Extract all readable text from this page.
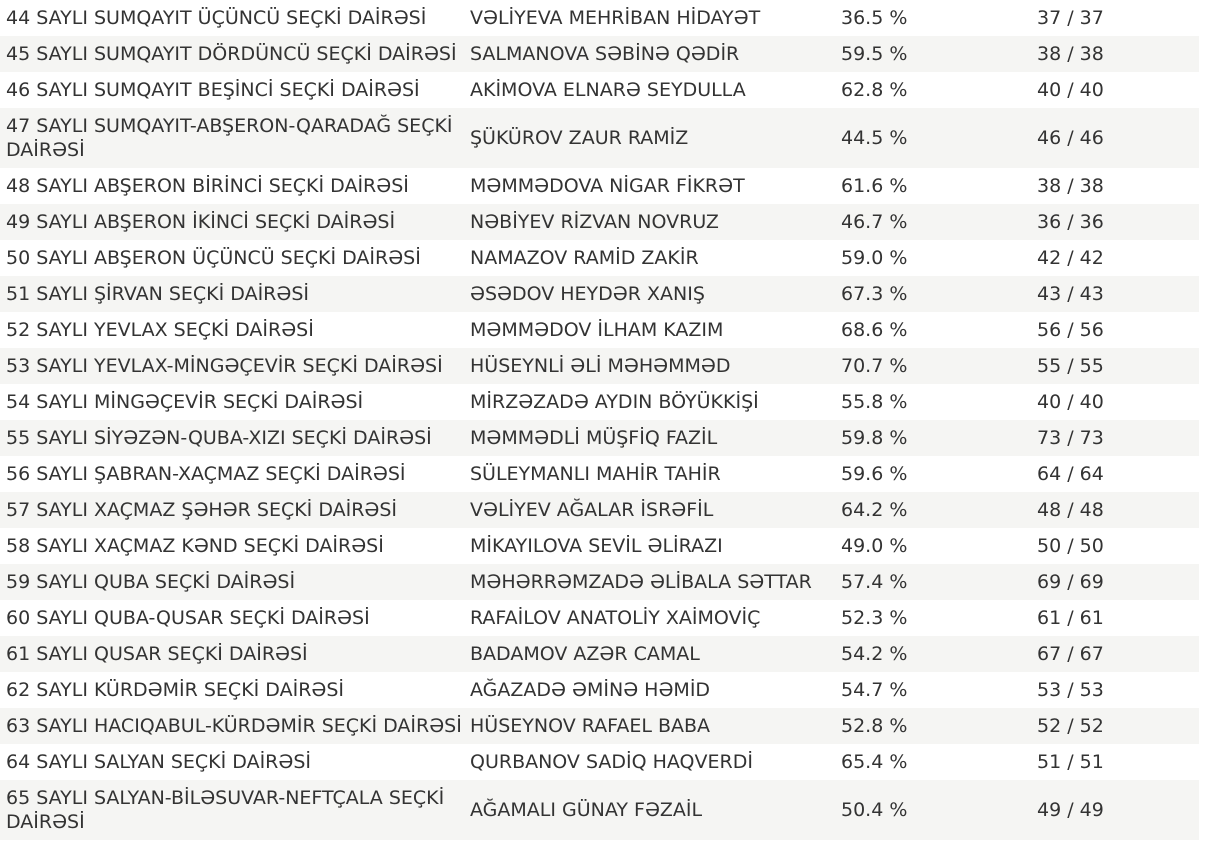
44 SAYLI SUMQAYIT ÜÇÜNCÜ SEÇKİ DAİRƏSİ	VƏLİYEVA MEHRİBAN HİDAYƏT	36.5 %	37 / 37
45 SAYLI SUMQAYIT DÖRDÜNCÜ SEÇKİ DAİRƏSİ	SALMANOVA SƏBİNƏ QƏDİR	59.5 %	38 / 38
46 SAYLI SUMQAYIT BEŞİNCİ SEÇKİ DAİRƏSİ	AKİMOVA ELNARƏ SEYDULLA	62.8 %	40 / 40
47 SAYLI SUMQAYIT-ABŞERON-QARADAĞ SEÇKİ DAİRƏSİ	ŞÜKÜROV ZAUR RAMİZ	44.5 %	46 / 46
48 SAYLI ABŞERON BİRİNCİ SEÇKİ DAİRƏSİ	MƏMMƏDOVA NİGAR FİKRƏT	61.6 %	38 / 38
49 SAYLI ABŞERON İKİNCİ SEÇKİ DAİRƏSİ	NƏBİYEV RİZVAN NOVRUZ	46.7 %	36 / 36
50 SAYLI ABŞERON ÜÇÜNCÜ SEÇKİ DAİRƏSİ	NAMAZOV RAMİD ZAKİR	59.0 %	42 / 42
51 SAYLI ŞİRVAN SEÇKİ DAİRƏSİ	ƏSƏDOV HEYDƏR XANIŞ	67.3 %	43 / 43
52 SAYLI YEVLAX SEÇKİ DAİRƏSİ	MƏMMƏDOV İLHAM KAZIM	68.6 %	56 / 56
53 SAYLI YEVLAX-MİNGƏÇEVİR SEÇKİ DAİRƏSİ	HÜSEYNLİ ƏLİ MƏHƏMMƏD	70.7 %	55 / 55
54 SAYLI MİNGƏÇEVİR SEÇKİ DAİRƏSİ	MİRZƏZADƏ AYDIN BÖYÜKKİŞİ	55.8 %	40 / 40
55 SAYLI SİYƏZƏN-QUBA-XIZI SEÇKİ DAİRƏSİ	MƏMMƏDLİ MÜŞFİQ FAZİL	59.8 %	73 / 73
56 SAYLI ŞABRAN-XAÇMAZ SEÇKİ DAİRƏSİ	SÜLEYMANLI MAHİR TAHİR	59.6 %	64 / 64
57 SAYLI XAÇMAZ ŞƏHƏR SEÇKİ DAİRƏSİ	VƏLİYEV AĞALAR İSRƏFİL	64.2 %	48 / 48
58 SAYLI XAÇMAZ KƏND SEÇKİ DAİRƏSİ	MİKAYILOVA SEVİL ƏLİRAZI	49.0 %	50 / 50
59 SAYLI QUBA SEÇKİ DAİRƏSİ	MƏHƏRRƏMZADƏ ƏLİBALA SƏTTAR	57.4 %	69 / 69
60 SAYLI QUBA-QUSAR SEÇKİ DAİRƏSİ	RAFAİLOV ANATOLİY XAİMOVİÇ	52.3 %	61 / 61
61 SAYLI QUSAR SEÇKİ DAİRƏSİ	BADAMOV AZƏR CAMAL	54.2 %	67 / 67
62 SAYLI KÜRDƏMİR SEÇKİ DAİRƏSİ	AĞAZADƏ ƏMİNƏ HƏMİD	54.7 %	53 / 53
63 SAYLI HACIQABUL-KÜRDƏMİR SEÇKİ DAİRƏSİ	HÜSEYNOV RAFAEL BABA	52.8 %	52 / 52
64 SAYLI SALYAN SEÇKİ DAİRƏSİ	QURBANOV SADİQ HAQVERDİ	65.4 %	51 / 51
65 SAYLI SALYAN-BİLƏSUVAR-NEFTÇALA SEÇKİ DAİRƏSİ	AĞAMALI GÜNAY FƏZAİL	50.4 %	49 / 49
